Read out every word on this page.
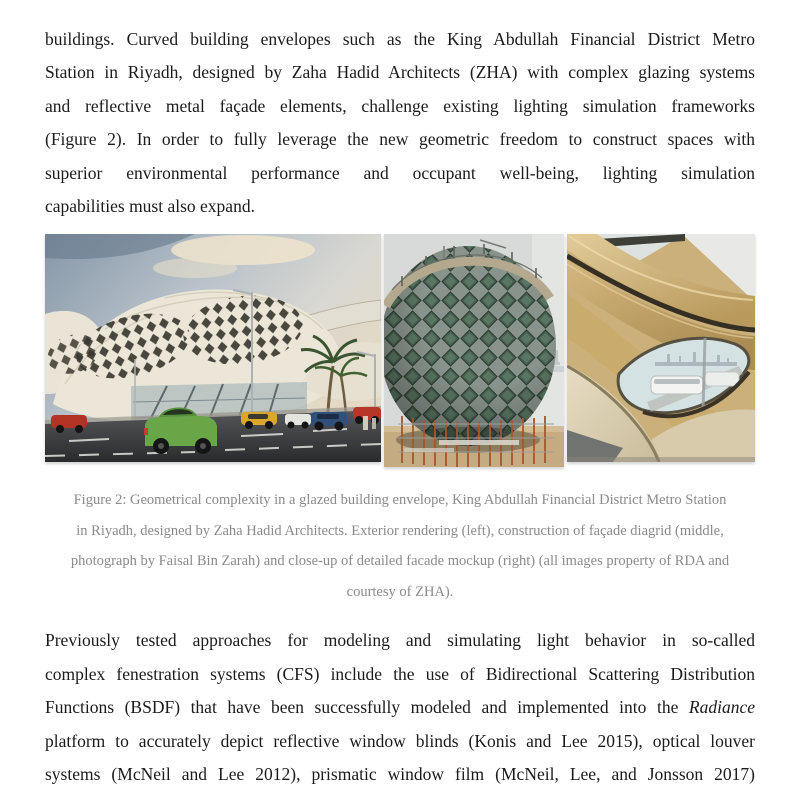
buildings. Curved building envelopes such as the King Abdullah Financial District Metro
Station in Riyadh, designed by Zaha Hadid Architects (ZHA) with complex glazing systems
and reflective metal façade elements, challenge existing lighting simulation frameworks
(Figure 2). In order to fully leverage the new geometric freedom to construct spaces with
superior environmental performance and occupant well-being, lighting simulation
capabilities must also expand.
Figure 2: Geometrical complexity in a glazed building envelope, King Abdullah Financial District Metro Station
in Riyadh, designed by Zaha Hadid Architects. Exterior rendering (left), construction of façade diagrid (middle,
photograph by Faisal Bin Zarah) and close-up of detailed facade mockup (right) (all images property of RDA and
courtesy of ZHA).
Previously tested approaches for modeling and simulating light behavior in so-called
complex fenestration systems (CFS) include the use of Bidirectional Scattering Distribution
Functions (BSDF) that have been successfully modeled and implemented into the Radiance
platform to accurately depict reflective window blinds (Konis and Lee 2015), optical louver
systems (McNeil and Lee 2012), prismatic window film (McNeil, Lee, and Jonsson 2017)
